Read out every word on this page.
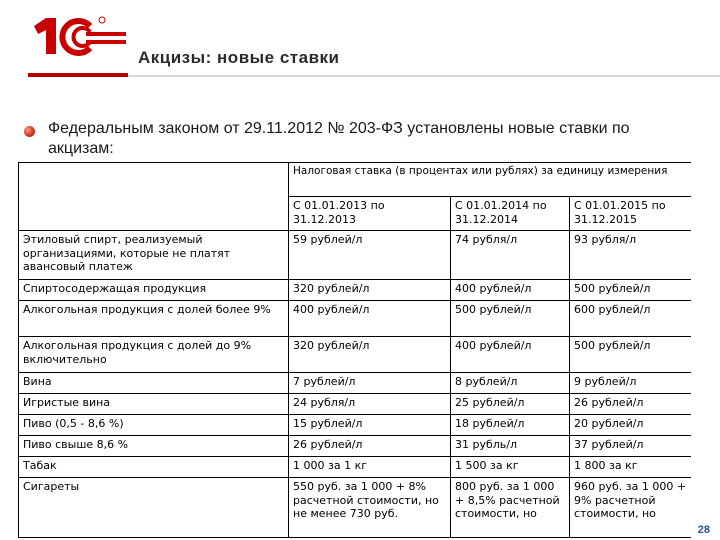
Акцизы: новые ставки
Федеральным законом от 29.11.2012 № 203-ФЗ установлены новые ставки по акцизам:
	Налоговая ставка (в процентах или рублях) за единицу измерения		
	С 01.01.2013 по 31.12.2013	С 01.01.2014 по 31.12.2014	С 01.01.2015 по 31.12.2015
Этиловый спирт, реализуемый организациями, которые не платят авансовый платеж	59 рублей/л	74 рубля/л	93 рубля/л
Спиртосодержащая продукция	320 рублей/л	400 рублей/л	500 рублей/л
Алкогольная продукция с долей более 9%	400 рублей/л	500 рублей/л	600 рублей/л
Алкогольная продукция с долей до 9% включительно	320 рублей/л	400 рублей/л	500 рублей/л
Вина	7 рублей/л	8 рублей/л	9 рублей/л
Игристые вина	24 рубля/л	25 рублей/л	26 рублей/л
Пиво (0,5 - 8,6 %)	15 рублей/л	18 рублей/л	20 рублей/л
Пиво свыше 8,6 %	26 рублей/л	31 рубль/л	37 рублей/л
Табак	1 000 за 1 кг	1 500 за кг	1 800 за кг
Сигареты	550 руб. за 1 000 + 8% расчетной стоимости, но не менее 730 руб.	800 руб. за 1 000 + 8,5% расчетной стоимости, но	960 руб. за 1 000 + 9% расчетной стоимости, но
28
